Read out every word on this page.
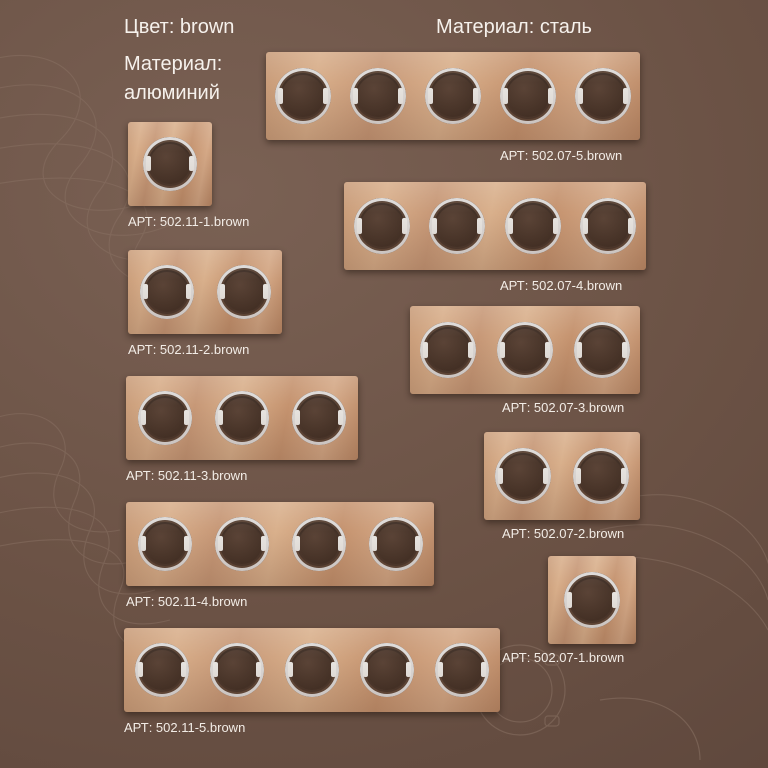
Цвет: brown
Материал:
алюминий
Материал: сталь
АРТ: 502.11-1.brown
АРТ: 502.11-2.brown
АРТ: 502.11-3.brown
АРТ: 502.11-4.brown
АРТ: 502.11-5.brown
АРТ: 502.07-5.brown
АРТ: 502.07-4.brown
АРТ: 502.07-3.brown
АРТ: 502.07-2.brown
АРТ: 502.07-1.brown
